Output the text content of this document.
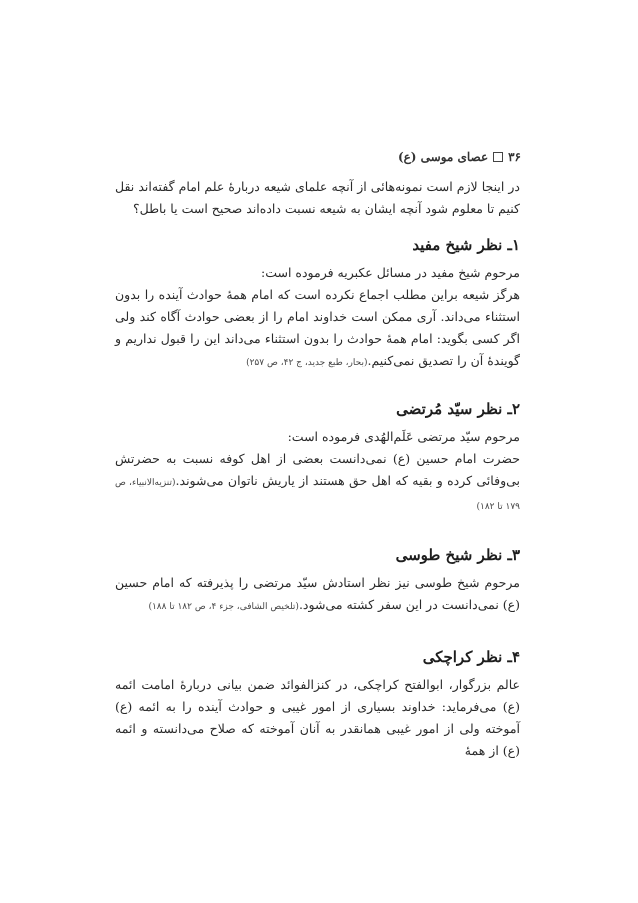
۳۶
عصای موسی (ع)

در اینجا لازم است نمونه‌هائی از آنچه علمای شیعه دربارۀ علم امام گفته‌اند نقل کنیم تا معلوم شود آنچه ایشان به شیعه نسبت داده‌اند صحیح است یا باطل؟

۱ـ نظر شیخ مفید

مرحوم شیخ مفید در مسائل عکبریه فرموده است:

هرگز شیعه براین مطلب اجماع نکرده است که امام همۀ حوادث آینده را بدون استثناء می‌داند. آری ممکن است خداوند امام را از بعضی حوادث آگاه کند ولی اگر کسی بگوید: امام همۀ حوادث را بدون استثناء می‌داند این را قبول نداریم و گویندۀ آن را تصدیق نمی‌کنیم.(بحار، طبع جدید، ج ۴۲، ص ۲۵۷)

۲ـ نظر سیّد مُرتضی

مرحوم سیّد مرتضی عَلَم‌الهُدی فرموده است:

حضرت امام حسین (ع) نمی‌دانست بعضی از اهل کوفه نسبت به حضرتش بی‌وفائی کرده و بقیه که اهل حق هستند از یاریش ناتوان می‌شوند.(تنزیه‌الانبیاء، ص ۱۷۹ تا ۱۸۲)

۳ـ نظر شیخ طوسی

مرحوم شیخ طوسی نیز نظر استادش سیّد مرتضی را پذیرفته که امام حسین (ع) نمی‌دانست در این سفر کشته می‌شود.(تلخیص الشافی، جزء ۴، ص ۱۸۲ تا ۱۸۸)

۴ـ نظر کراچکی

عالم بزرگوار، ابوالفتح کراچکی، در کنزالفوائد ضمن بیانی دربارۀ امامت ائمه (ع) می‌فرماید: خداوند بسیاری از امور غیبی و حوادث آینده را به ائمه (ع) آموخته ولی از امور غیبی همانقدر به آنان آموخته که صلاح می‌دانسته و ائمه (ع) از همۀ
